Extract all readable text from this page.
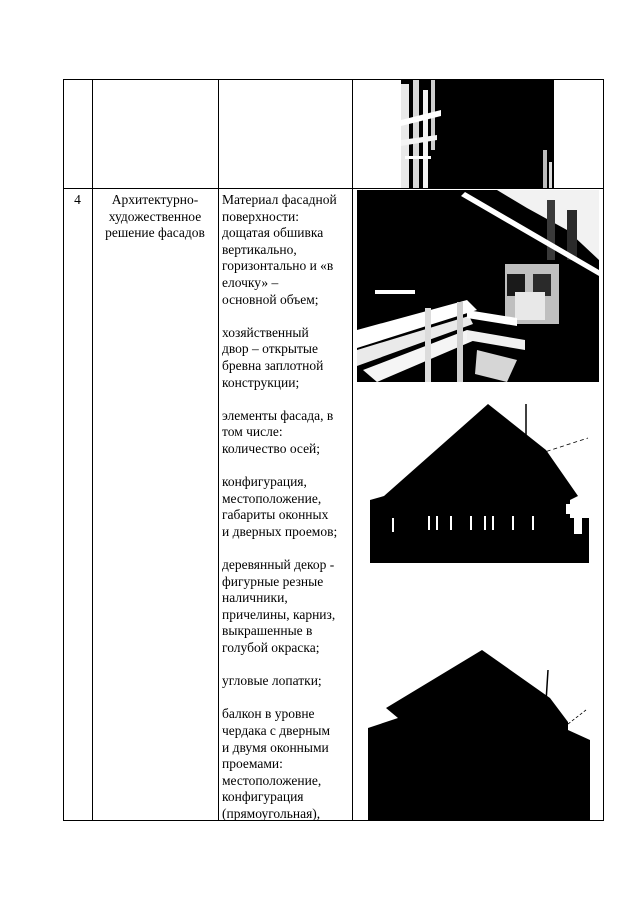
4	Архитектурно-
художественное
решение фасадов
Материал фасадной
поверхности:
дощатая обшивка
вертикально,
горизонтально и «в
елочку» –
основной объем;

хозяйственный
двор – открытые
бревна заплотной
конструкции;

элементы фасада, в
том числе:
количество осей;

конфигурация,
местоположение,
габариты оконных
и дверных проемов;

деревянный декор -
фигурные резные
наличники,
причелины, карниз,
выкрашенные в
голубой окраска;

угловые лопатки;

балкон в уровне
чердака с дверным
и двумя оконными
проемами:
местоположение,
конфигурация
(прямоугольная),
